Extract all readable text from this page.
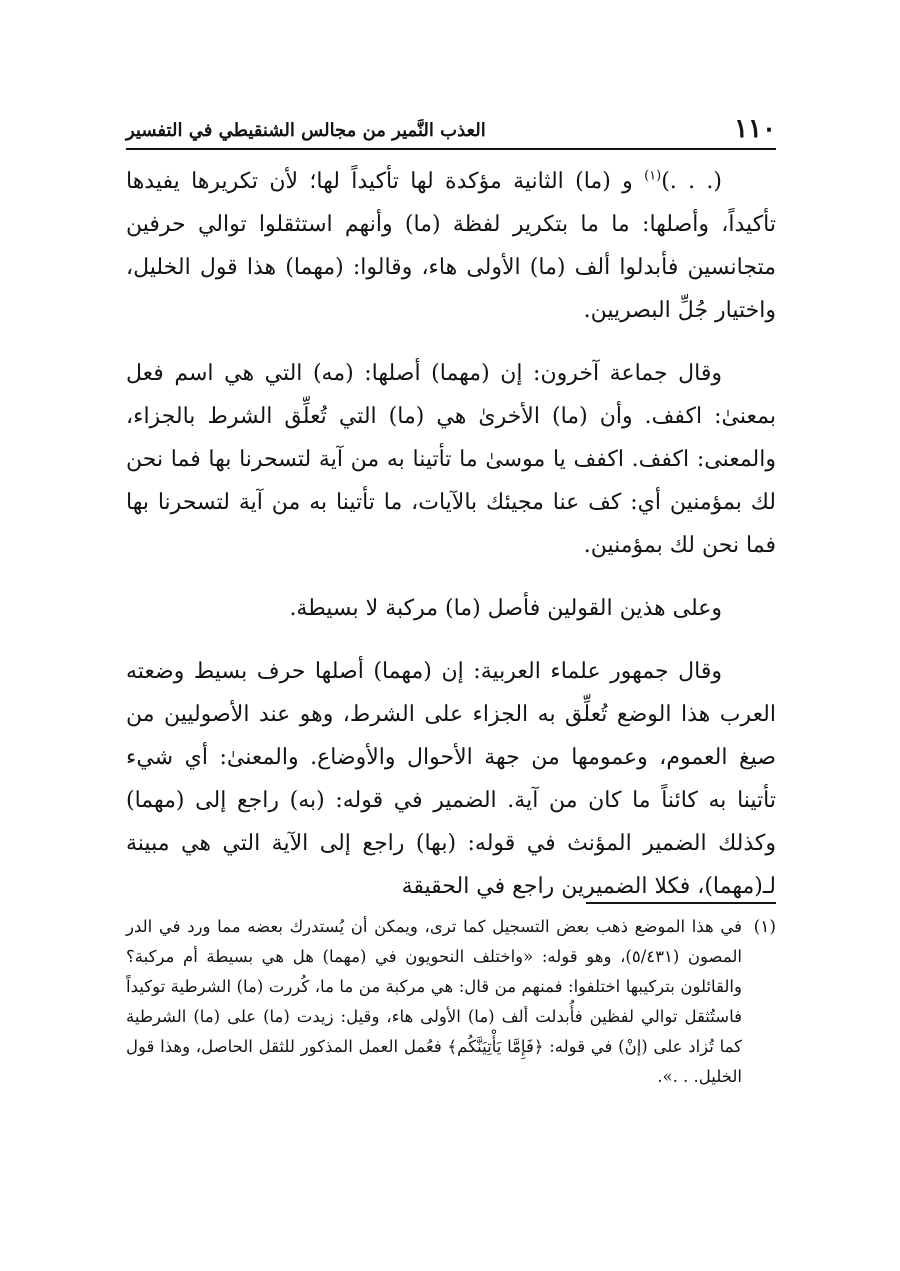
١١٠
العذب النَّمير من مجالس الشنقيطي في التفسير

(. . .)$^{(١)}$ و (ما) الثانية مؤكدة لها تأكيداً لها؛ لأن تكريرها يفيدها تأكيداً، وأصلها: ما ما بتكرير لفظة (ما) وأنهم استثقلوا توالي حرفين متجانسين فأبدلوا ألف (ما) الأولى هاء، وقالوا: (مهما) هذا قول الخليل، واختيار جُلِّ البصريين.

وقال جماعة آخرون: إن (مهما) أصلها: (مه) التي هي اسم فعل بمعنىٰ: اكفف. وأن (ما) الأخرىٰ هي (ما) التي تُعلِّق الشرط بالجزاء، والمعنى: اكفف. اكفف يا موسىٰ ما تأتينا به من آية لتسحرنا بها فما نحن لك بمؤمنين أي: كف عنا مجيئك بالآيات، ما تأتينا به من آية لتسحرنا بها فما نحن لك بمؤمنين.

وعلى هذين القولين فأصل (ما) مركبة لا بسيطة.

وقال جمهور علماء العربية: إن (مهما) أصلها حرف بسيط وضعته العرب هذا الوضع تُعلِّق به الجزاء على الشرط، وهو عند الأصوليين من صيغ العموم، وعمومها من جهة الأحوال والأوضاع. والمعنىٰ: أي شيء تأتينا به كائناً ما كان من آية. الضمير في قوله: (به) راجع إلى (مهما) وكذلك الضمير المؤنث في قوله: (بها) راجع إلى الآية التي هي مبينة لـ(مهما)، فكلا الضميرين راجع في الحقيقة

(١)

في هذا الموضع ذهب بعض التسجيل كما ترى، ويمكن أن يُستدرك بعضه مما ورد في الدر المصون (٥/٤٣١)، وهو قوله: «واختلف النحويون في (مهما) هل هي بسيطة أم مركبة؟ والقائلون بتركيبها اختلفوا: فمنهم من قال: هي مركبة من ما ما، كُررت (ما) الشرطية توكيداً فاستُثقل توالي لفظين فأُبدلت ألف (ما) الأولى هاء، وقيل: زيدت (ما) على (ما) الشرطية كما تُزاد على (إنْ) في قوله: ﴿فَإِمَّا يَأْتِيَنَّكُم﴾ فعُمل العمل المذكور للثقل الحاصل، وهذا قول الخليل. . .».
